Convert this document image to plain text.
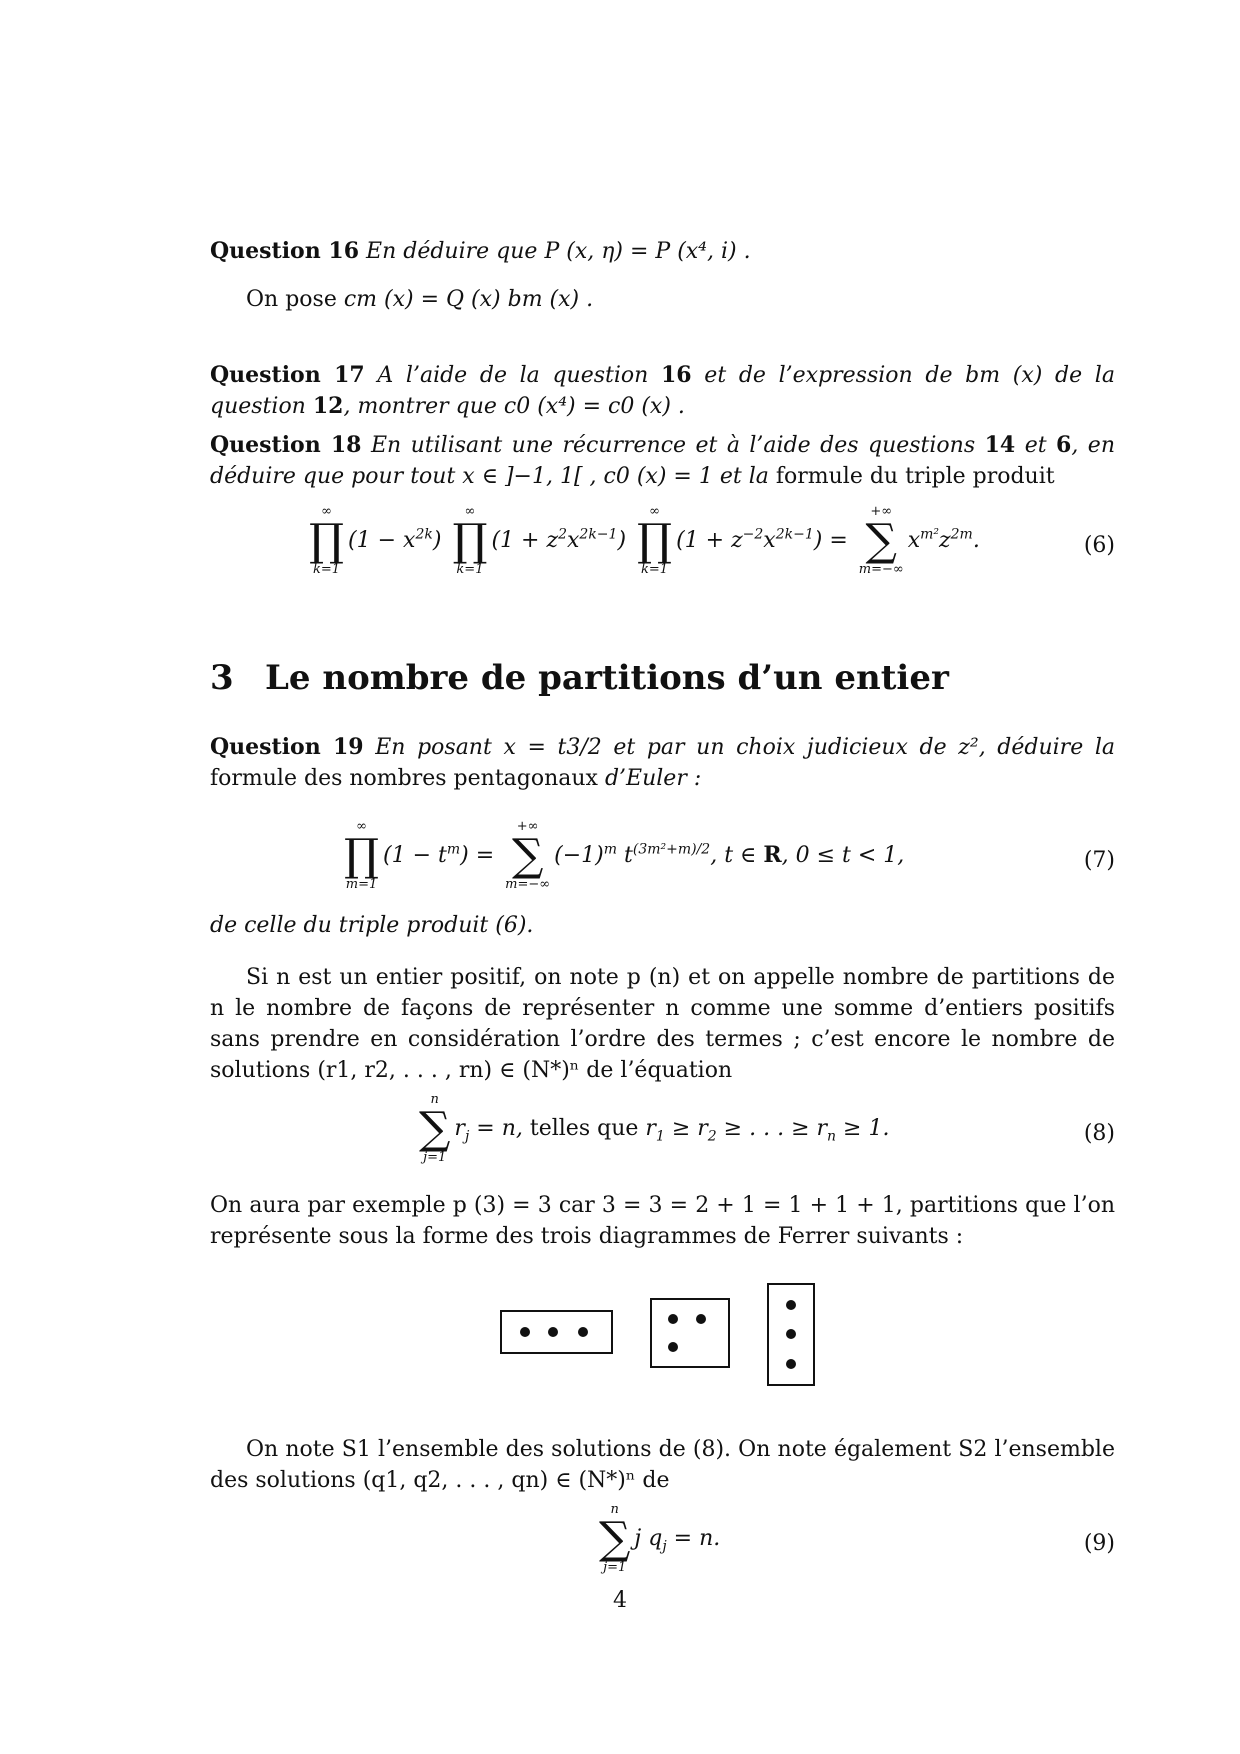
Question 16 En déduire que P (x, η) = P (x⁴, i) .
On pose cm (x) = Q (x) bm (x) .
Question 17 A l’aide de la question 16 et de l’expression de bm (x) de la question 12, montrer que c0 (x⁴) = c0 (x) .
Question 18 En utilisant une récurrence et à l’aide des questions 14 et 6, en déduire que pour tout x ∈ ]−1, 1[ , c0 (x) = 1 et la formule du triple produit
∞
∏
k=1
$(1 - x^{2k})$
∞
∏
k=1
$(1 + z^2x^{2k-1})$
∞
∏
k=1
$(1 + z^{-2}x^{2k-1})$ =
+∞
∑
m=−∞
$x^{m^2}z^{2m}$.	(6)
3 Le nombre de partitions d’un entier
Question 19 En posant x = t3/2 et par un choix judicieux de z², déduire la formule des nombres pentagonaux d’Euler :
∞
∏
m=1
$(1 - t^m)$ =
+∞
∑
m=−∞
$(-1)^m$ $t^{(3m^2+m)/2}$, t ∈ R, 0 ≤ t < 1,	(7)
de celle du triple produit (6).
Si n est un entier positif, on note p (n) et on appelle nombre de partitions de n le nombre de façons de représenter n comme une somme d’entiers positifs sans prendre en considération l’ordre des termes ; c’est encore le nombre de solutions (r1, r2, . . . , rn) ∈ (N*)ⁿ de l’équation
n
∑
j=1
$r_j = n$, telles que $r_1 \ge r_2$ ≥ . . . ≥ $r_n \ge 1$.	(8)
On aura par exemple p (3) = 3 car 3 = 3 = 2 + 1 = 1 + 1 + 1, partitions que l’on représente sous la forme des trois diagrammes de Ferrer suivants :
On note S1 l’ensemble des solutions de (8). On note également S2 l’ensemble des solutions (q1, q2, . . . , qn) ∈ (N*)ⁿ de
n
∑
j=1
j $q_j = n$.	(9)
4
